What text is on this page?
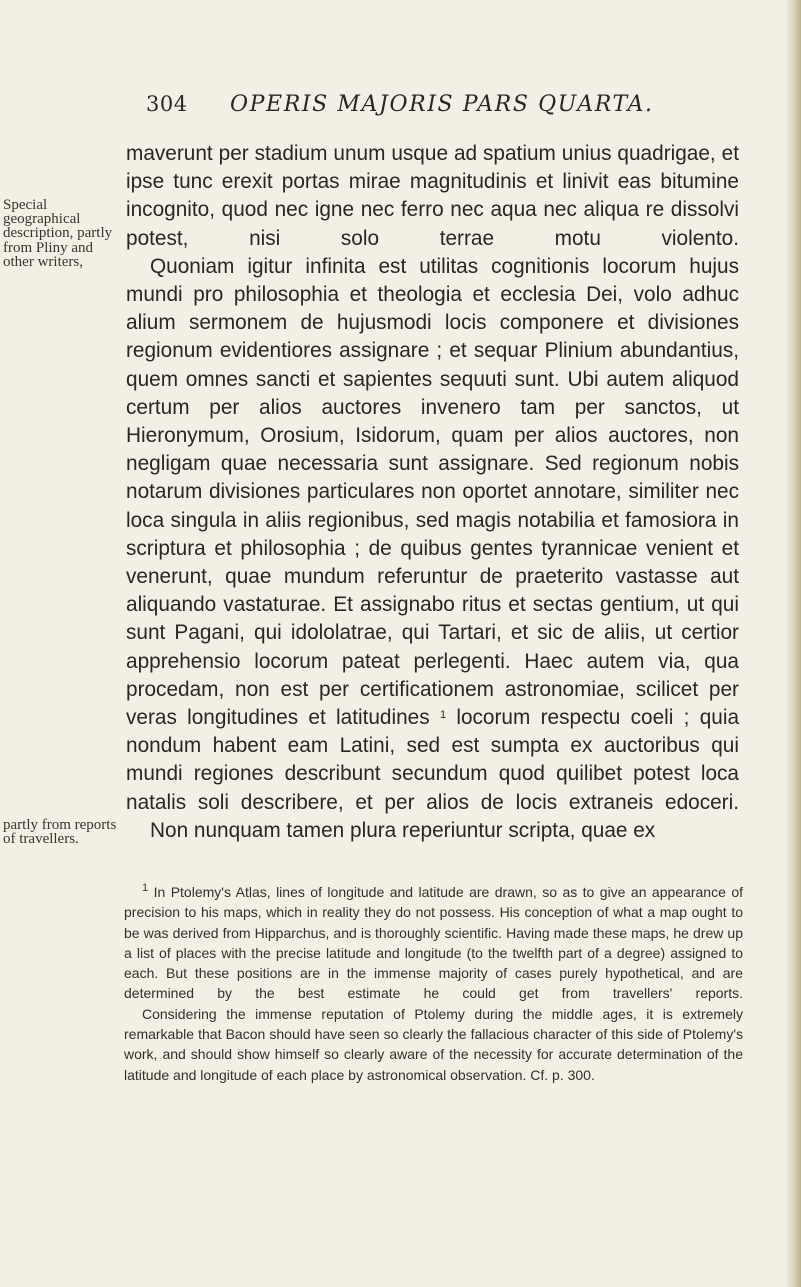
304 OPERIS MAJORIS PARS QUARTA.

maverunt per stadium unum usque ad spatium unius quadrigae, et ipse tunc erexit portas mirae magnitudinis et linivit eas bitumine incognito, quod nec igne nec ferro nec aqua nec aliqua re dissolvi potest, nisi solo terrae motu violento.

Quoniam igitur infinita est utilitas cognitionis locorum hujus mundi pro philosophia et theologia et ecclesia Dei, volo adhuc alium sermonem de hujusmodi locis componere et divisiones regionum evidentiores assignare ; et sequar Plinium abundantius, quem omnes sancti et sapientes sequuti sunt. Ubi autem aliquod certum per alios auctores invenero tam per sanctos, ut Hieronymum, Orosium, Isidorum, quam per alios auctores, non negligam quae necessaria sunt assignare. Sed regionum nobis notarum divisiones particulares non oportet annotare, similiter nec loca singula in aliis regionibus, sed magis notabilia et famosiora in scriptura et philosophia ; de quibus gentes tyrannicae venient et venerunt, quae mundum referuntur de praeterito vastasse aut aliquando vastaturae. Et assignabo ritus et sectas gentium, ut qui sunt Pagani, qui idololatrae, qui Tartari, et sic de aliis, ut certior apprehensio locorum pateat perlegenti. Haec autem via, qua procedam, non est per certificationem astronomiae, scilicet per veras longitudines et latitudines $^1$ locorum respectu coeli ; quia nondum habent eam Latini, sed est sumpta ex auctoribus qui mundi regiones describunt secundum quod quilibet potest loca natalis soli describere, et per alios de locis extraneis edoceri.

Non nunquam tamen plura reperiuntur scripta, quae ex

Special geographical description, partly from Pliny and other writers,
partly from reports of travellers.

$^1$ In Ptolemy's Atlas, lines of longitude and latitude are drawn, so as to give an appearance of precision to his maps, which in reality they do not possess. His conception of what a map ought to be was derived from Hipparchus, and is thoroughly scientific. Having made these maps, he drew up a list of places with the precise latitude and longitude (to the twelfth part of a degree) assigned to each. But these positions are in the immense majority of cases purely hypothetical, and are determined by the best estimate he could get from travellers' reports.

Considering the immense reputation of Ptolemy during the middle ages, it is extremely remarkable that Bacon should have seen so clearly the fallacious character of this side of Ptolemy's work, and should show himself so clearly aware of the necessity for accurate determination of the latitude and longitude of each place by astronomical observation. Cf. p. 300.
